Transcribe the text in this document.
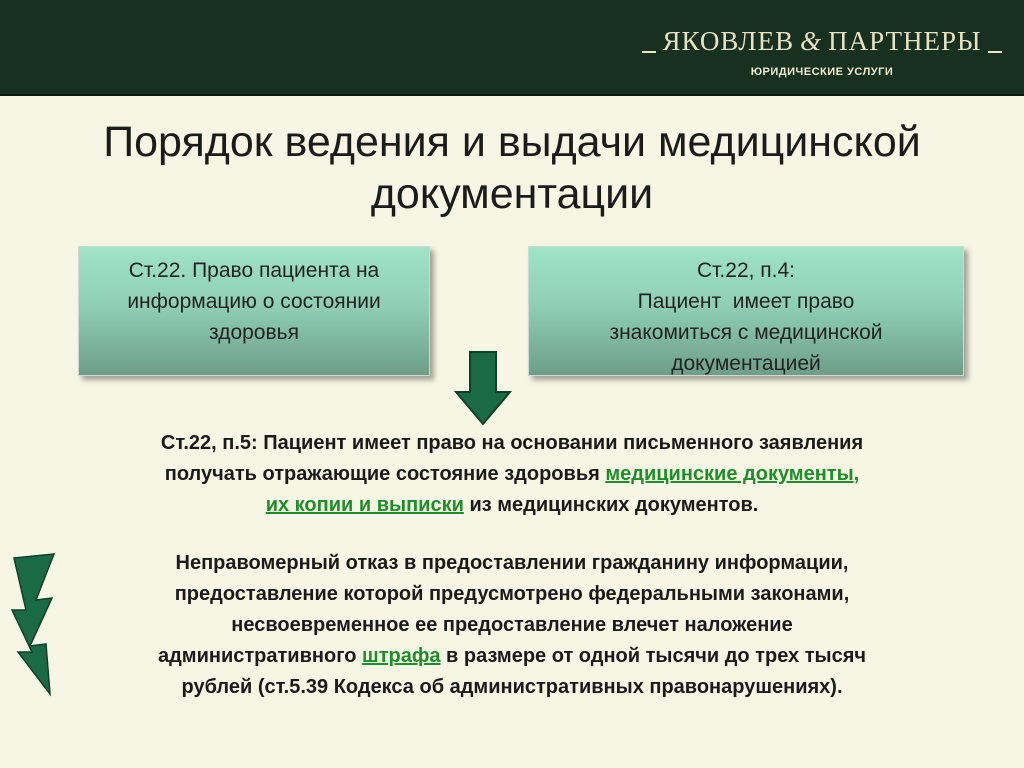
ЯКОВЛЕВ & ПАРТНЕРЫ
ЮРИДИЧЕСКИЕ УСЛУГИ
Порядок ведения и выдачи медицинской
документации
Ст.22. Право пациента на
информацию о состоянии
здоровья
Ст.22, п.4:
Пациент  имеет право
знакомиться с медицинской
документацией
Ст.22, п.5: Пациент имеет право на основании письменного заявления
получать отражающие состояние здоровья медицинские документы,
их копии и выписки из медицинских документов.
Неправомерный отказ в предоставлении гражданину информации,
предоставление которой предусмотрено федеральными законами,
несвоевременное ее предоставление влечет наложение
административного штрафа в размере от одной тысячи до трех тысяч
рублей (ст.5.39 Кодекса об административных правонарушениях).
